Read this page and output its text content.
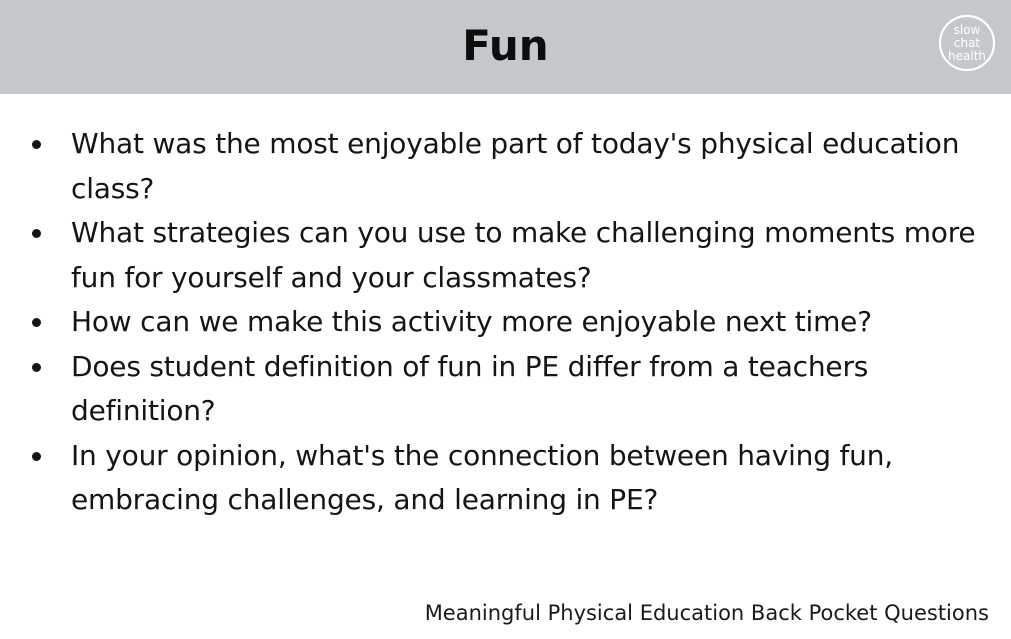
Fun	slow
chat
health
What was the most enjoyable part of today's physical education class?
What strategies can you use to make challenging moments more fun for yourself and your classmates?
How can we make this activity more enjoyable next time?
Does student definition of fun in PE differ from a teachers definition?
In your opinion, what's the connection between having fun, embracing challenges, and learning in PE?
Meaningful Physical Education Back Pocket Questions
